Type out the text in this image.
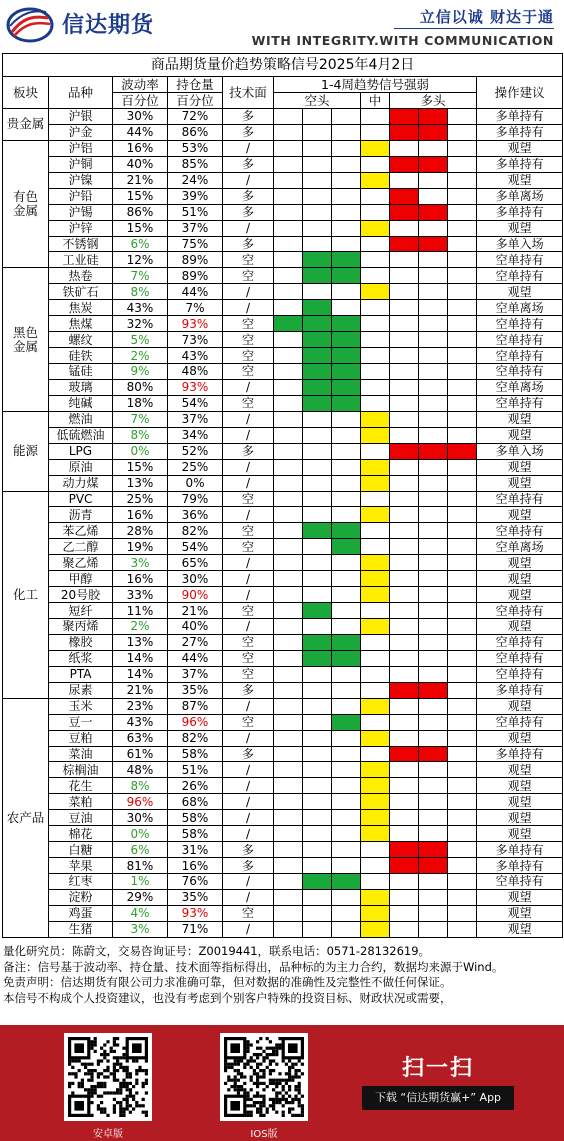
信达期货	立信以诚 财达于通
WITH INTEGRITY.WITH COMMUNICATION
商品期货量价趋势策略信号2025年4月2日												
板块	品种	波动率	持仓量	技术面	1-4周趋势信号强弱							操作建议
		百分位	百分位		空头			中	多头			
贵金属	沪银	30%	72%	多								多单持有
	沪金	44%	86%	多								多单持有
有色
金属	沪铝	16%	53%	/								观望
	沪铜	40%	85%	多								多单持有
	沪镍	21%	24%	/								观望
	沪铅	15%	39%	多								多单离场
	沪锡	86%	51%	多								多单持有
	沪锌	15%	37%	/								观望
	不锈钢	6%	75%	多								多单入场
	工业硅	12%	89%	空								空单持有
黑色
金属	热卷	7%	89%	空								空单持有
	铁矿石	8%	44%	/								观望
	焦炭	43%	7%	/								空单离场
	焦煤	32%	93%	空								空单持有
	螺纹	5%	73%	空								空单持有
	硅铁	2%	43%	空								空单持有
	锰硅	9%	48%	空								空单持有
	玻璃	80%	93%	/								空单离场
	纯碱	18%	54%	空								空单持有
能源	燃油	7%	37%	/								观望
	低硫燃油	8%	34%	/								观望
	LPG	0%	52%	多								多单入场
	原油	15%	25%	/								观望
	动力煤	13%	0%	/								观望
化工	PVC	25%	79%	空								空单持有
	沥青	16%	36%	/								观望
	苯乙烯	28%	82%	空								空单持有
	乙二醇	19%	54%	空								空单离场
	聚乙烯	3%	65%	/								观望
	甲醇	16%	30%	/								观望
	20号胶	33%	90%	/								观望
	短纤	11%	21%	空								空单持有
	聚丙烯	2%	40%	/								观望
	橡胶	13%	27%	空								空单持有
	纸浆	14%	44%	空								空单持有
	PTA	14%	37%	空								空单持有
	尿素	21%	35%	多								多单持有
农产品	玉米	23%	87%	/								观望
	豆一	43%	96%	空								空单持有
	豆粕	63%	82%	/								观望
	菜油	61%	58%	多								多单持有
	棕榈油	48%	51%	/								观望
	花生	8%	26%	/								观望
	菜粕	96%	68%	/								观望
	豆油	30%	58%	/								观望
	棉花	0%	58%	/								观望
	白糖	6%	31%	多								多单持有
	苹果	81%	16%	多								多单持有
	红枣	1%	76%	/								空单持有
	淀粉	29%	35%	/								观望
	鸡蛋	4%	93%	空								观望
	生猪	3%	71%	/								观望
量化研究员：陈蔚文，交易咨询证号：Z0019441，联系电话：0571-28132619。
备注：信号基于波动率、持仓量、技术面等指标得出，品种标的为主力合约，数据均来源于Wind。
免责声明：信达期货有限公司力求准确可靠，但对数据的准确性及完整性不做任何保证。
本信号不构成个人投资建议，也没有考虑到个别客户特殊的投资目标、财政状况或需要，
安卓版	IOS版
扫一扫
下载 “信达期货赢+” App
